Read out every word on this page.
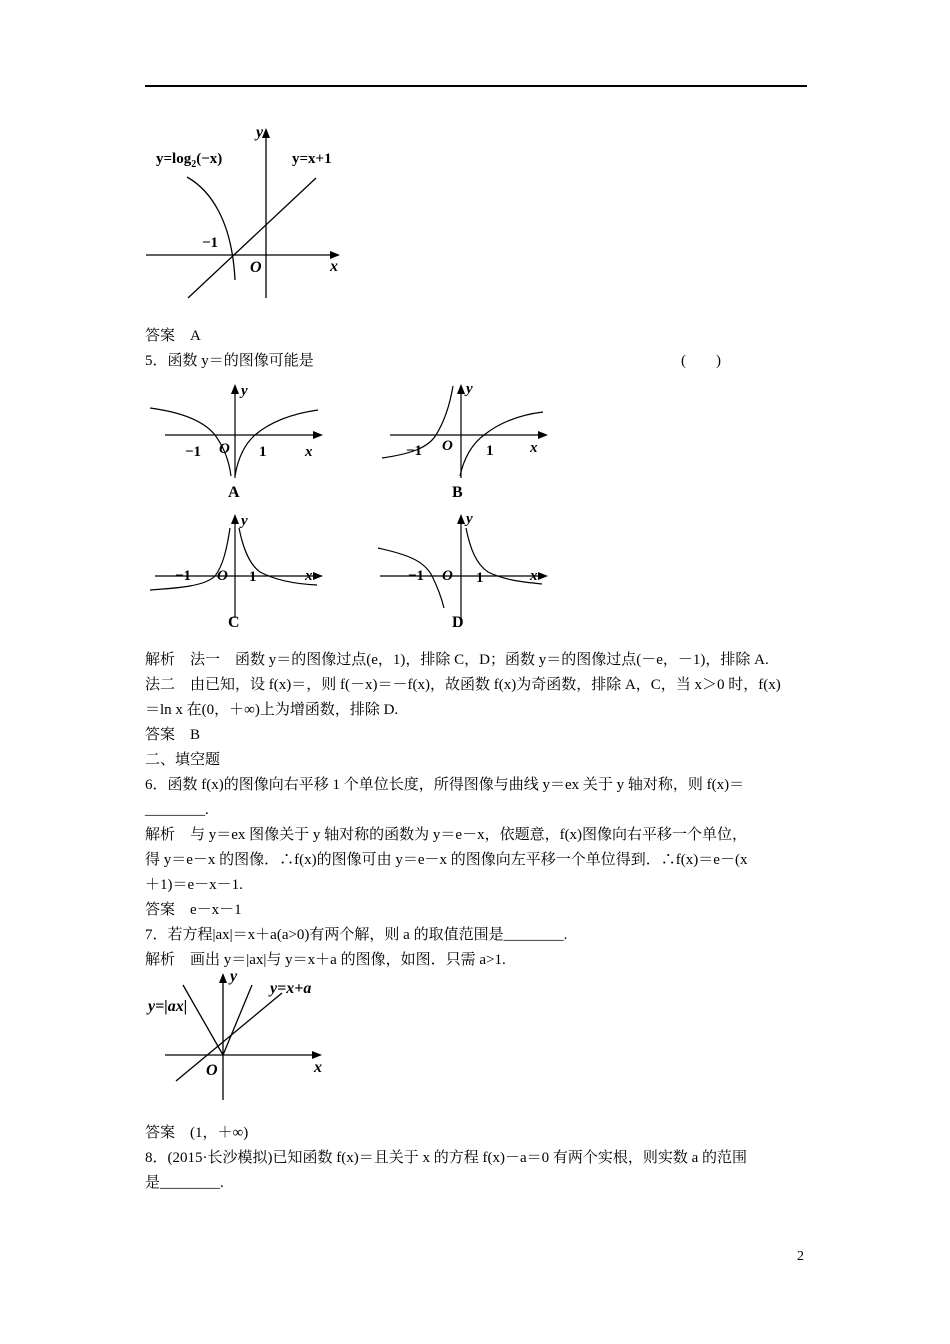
$y=\log_2(-x)$	y=x+1
y
x
O
−1
答案　A
5．函数 y＝的图像可能是	(　　)
y
O
−1	1	x
A
y
O
−1	1 x
B
y
O
−1	1	x
C
y
O
−1	1	x
D
解析　法一　函数 y＝的图像过点(e，1)，排除 C，D；函数 y＝的图像过点(－e，－1)，排除 A.
法二　由已知，设 f(x)＝，则 f(－x)＝－f(x)，故函数 f(x)为奇函数，排除 A，C，当 x＞0 时，f(x)
＝ln x 在(0，＋∞)上为增函数，排除 D.
答案　B
二、填空题
6．函数 f(x)的图像向右平移 1 个单位长度，所得图像与曲线 y＝ex 关于 y 轴对称，则 f(x)＝
________.
解析　与 y＝ex 图像关于 y 轴对称的函数为 y＝e－x，依题意，f(x)图像向右平移一个单位，
得 y＝e－x 的图像．∴f(x)的图像可由 y＝e－x 的图像向左平移一个单位得到．∴f(x)＝e－(x
＋1)＝e－x－1.
答案　e－x－1
7．若方程|ax|＝x＋a(a>0)有两个解，则 a 的取值范围是________.
解析　画出 y＝|ax|与 y＝x＋a 的图像，如图．只需 a>1.
y=|ax|
y=x+a
y
x
O
答案　(1，＋∞)
8．(2015·长沙模拟)已知函数 f(x)＝且关于 x 的方程 f(x)－a＝0 有两个实根，则实数 a 的范围
是________.
2
